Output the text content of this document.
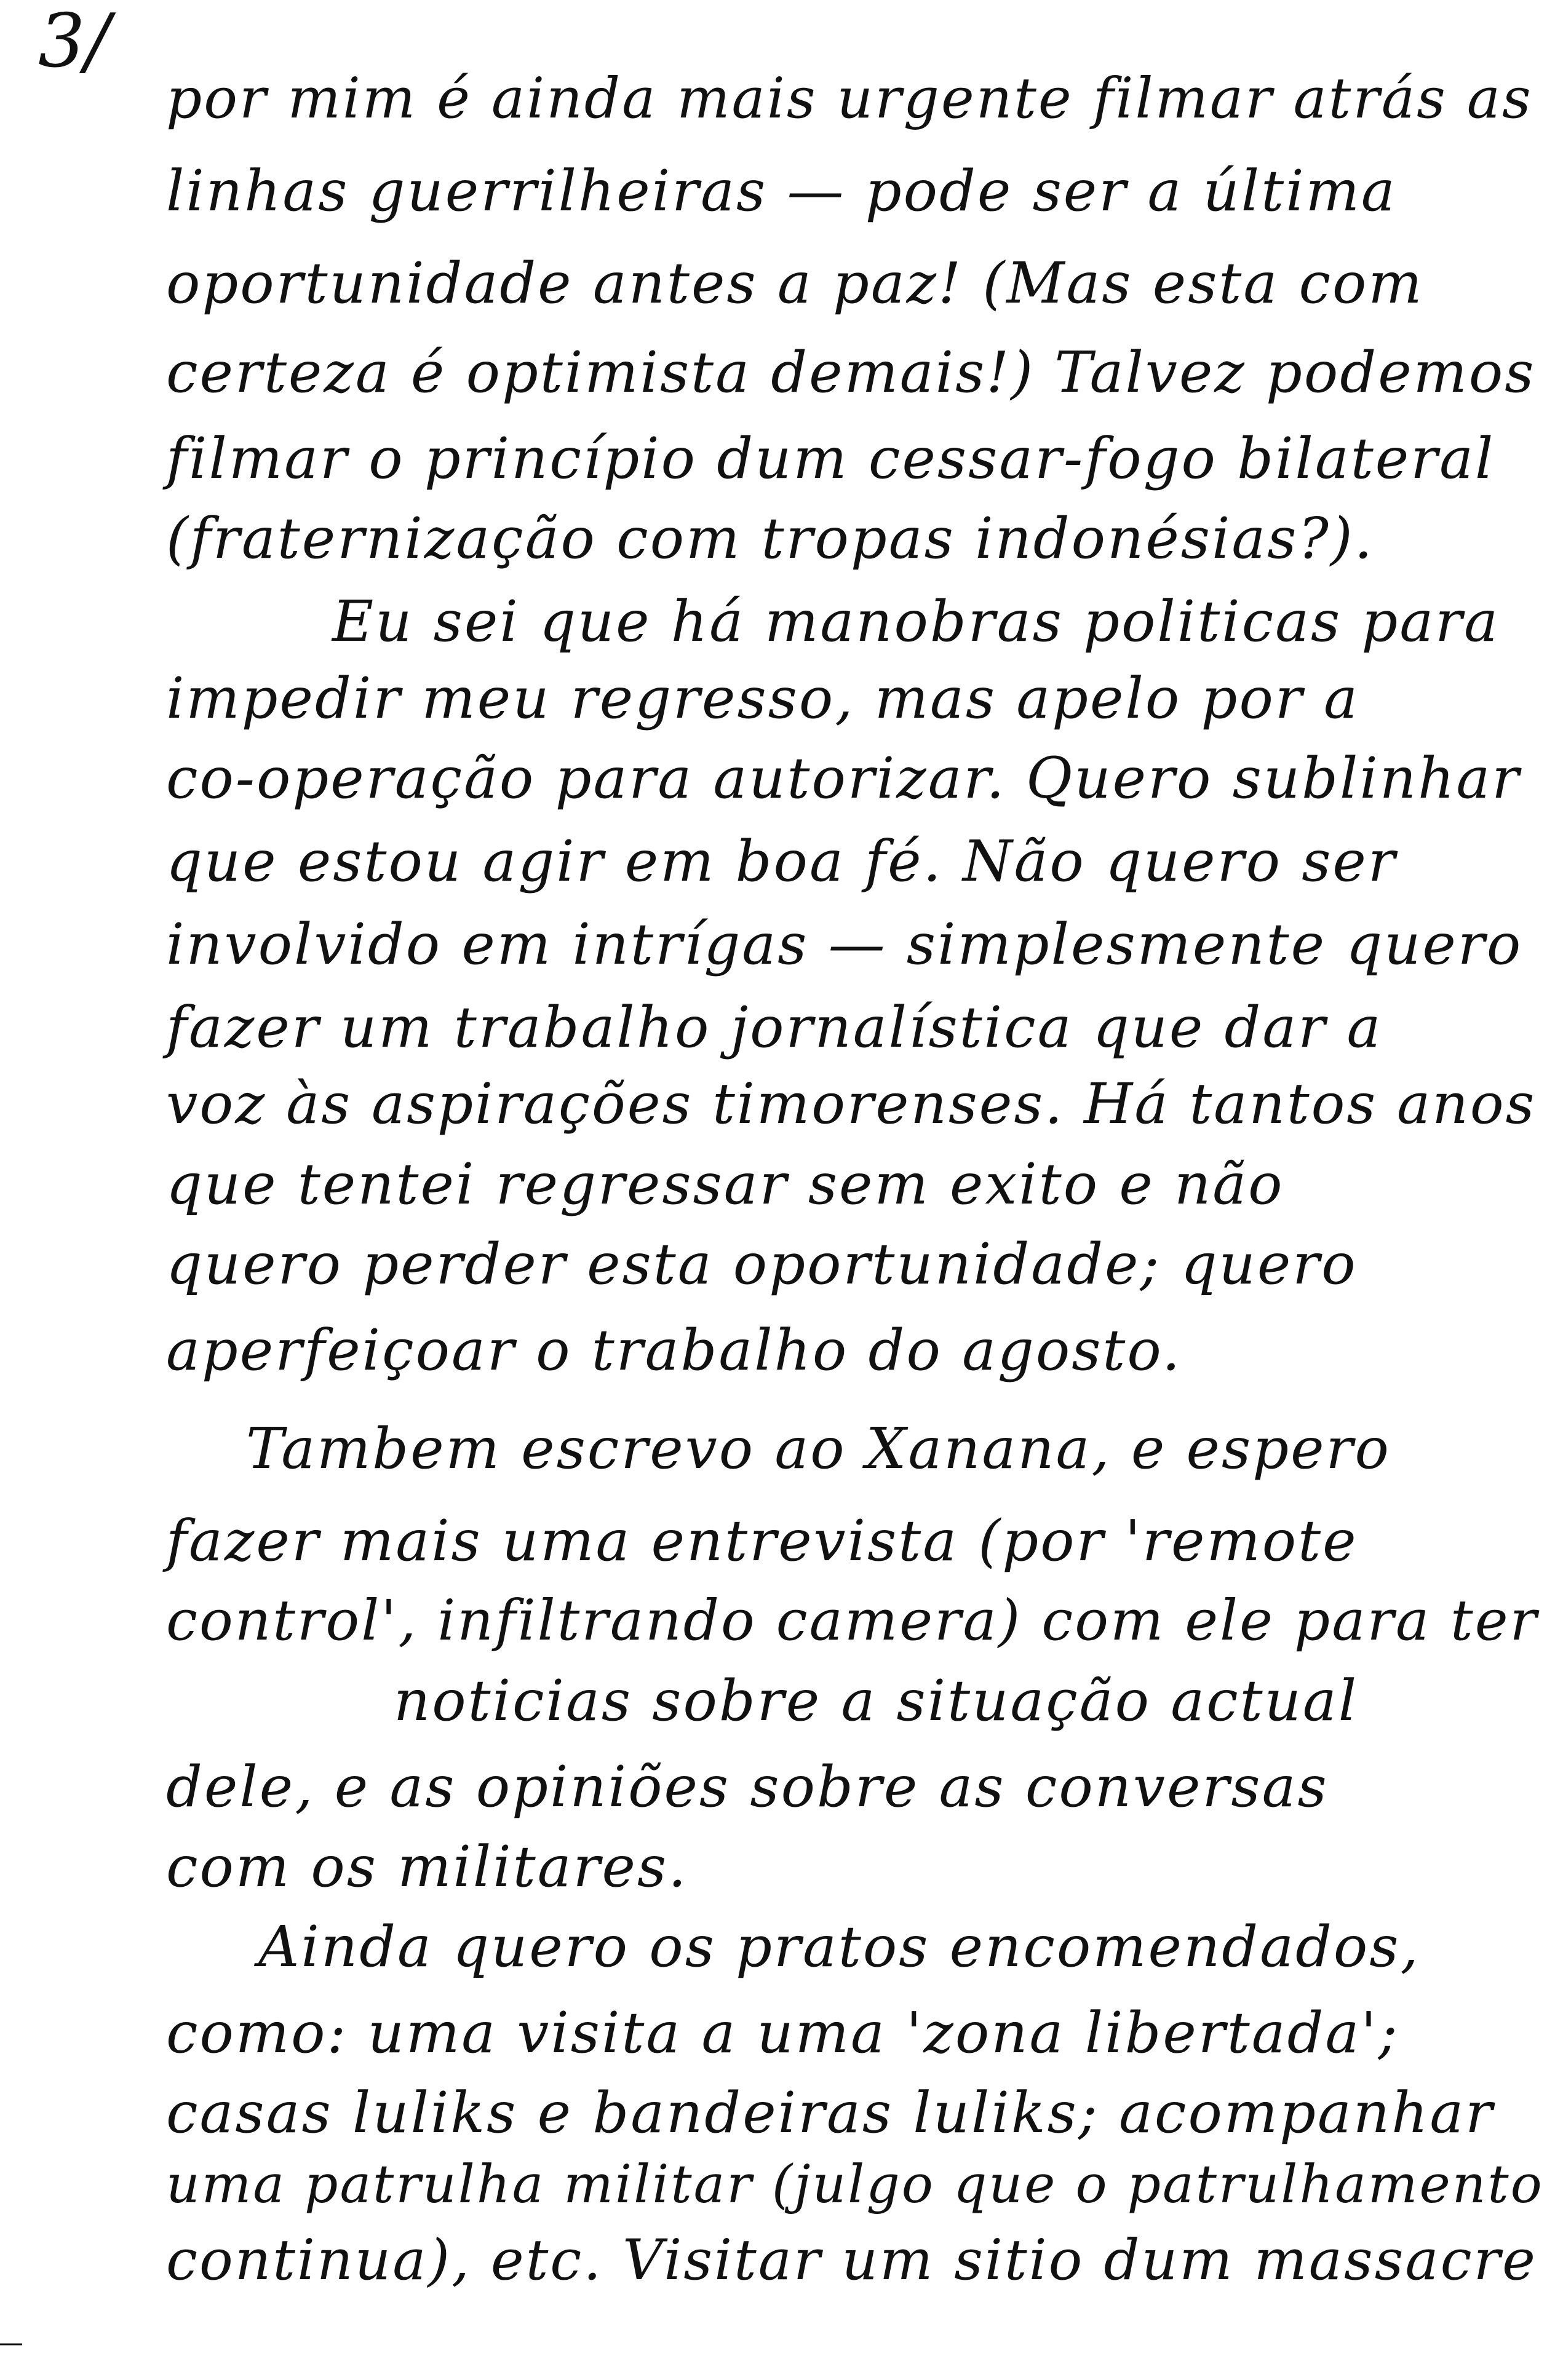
3/
por mim é ainda mais urgente filmar atrás as
linhas guerrilheiras — pode ser a última
oportunidade antes a paz! (Mas esta com
certeza é optimista demais!) Talvez podemos
filmar o princípio dum cessar-fogo bilateral
(fraternização com tropas indonésias?).
Eu sei que há manobras politicas para
impedir meu regresso, mas apelo por a
co-operação para autorizar. Quero sublinhar
que estou agir em boa fé. Não quero ser
involvido em intrígas — simplesmente quero
fazer um trabalho jornalística que dar a
voz às aspirações timorenses. Há tantos anos
que tentei regressar sem exito e não
quero perder esta oportunidade; quero
aperfeiçoar o trabalho do agosto.
Tambem escrevo ao Xanana, e espero
fazer mais uma entrevista (por 'remote
control', infiltrando camera) com ele para ter
noticias sobre a situação actual
dele, e as opiniões sobre as conversas
com os militares.
Ainda quero os pratos encomendados,
como: uma visita a uma 'zona libertada';
casas luliks e bandeiras luliks; acompanhar
uma patrulha militar (julgo que o patrulhamento
continua), etc. Visitar um sitio dum massacre
